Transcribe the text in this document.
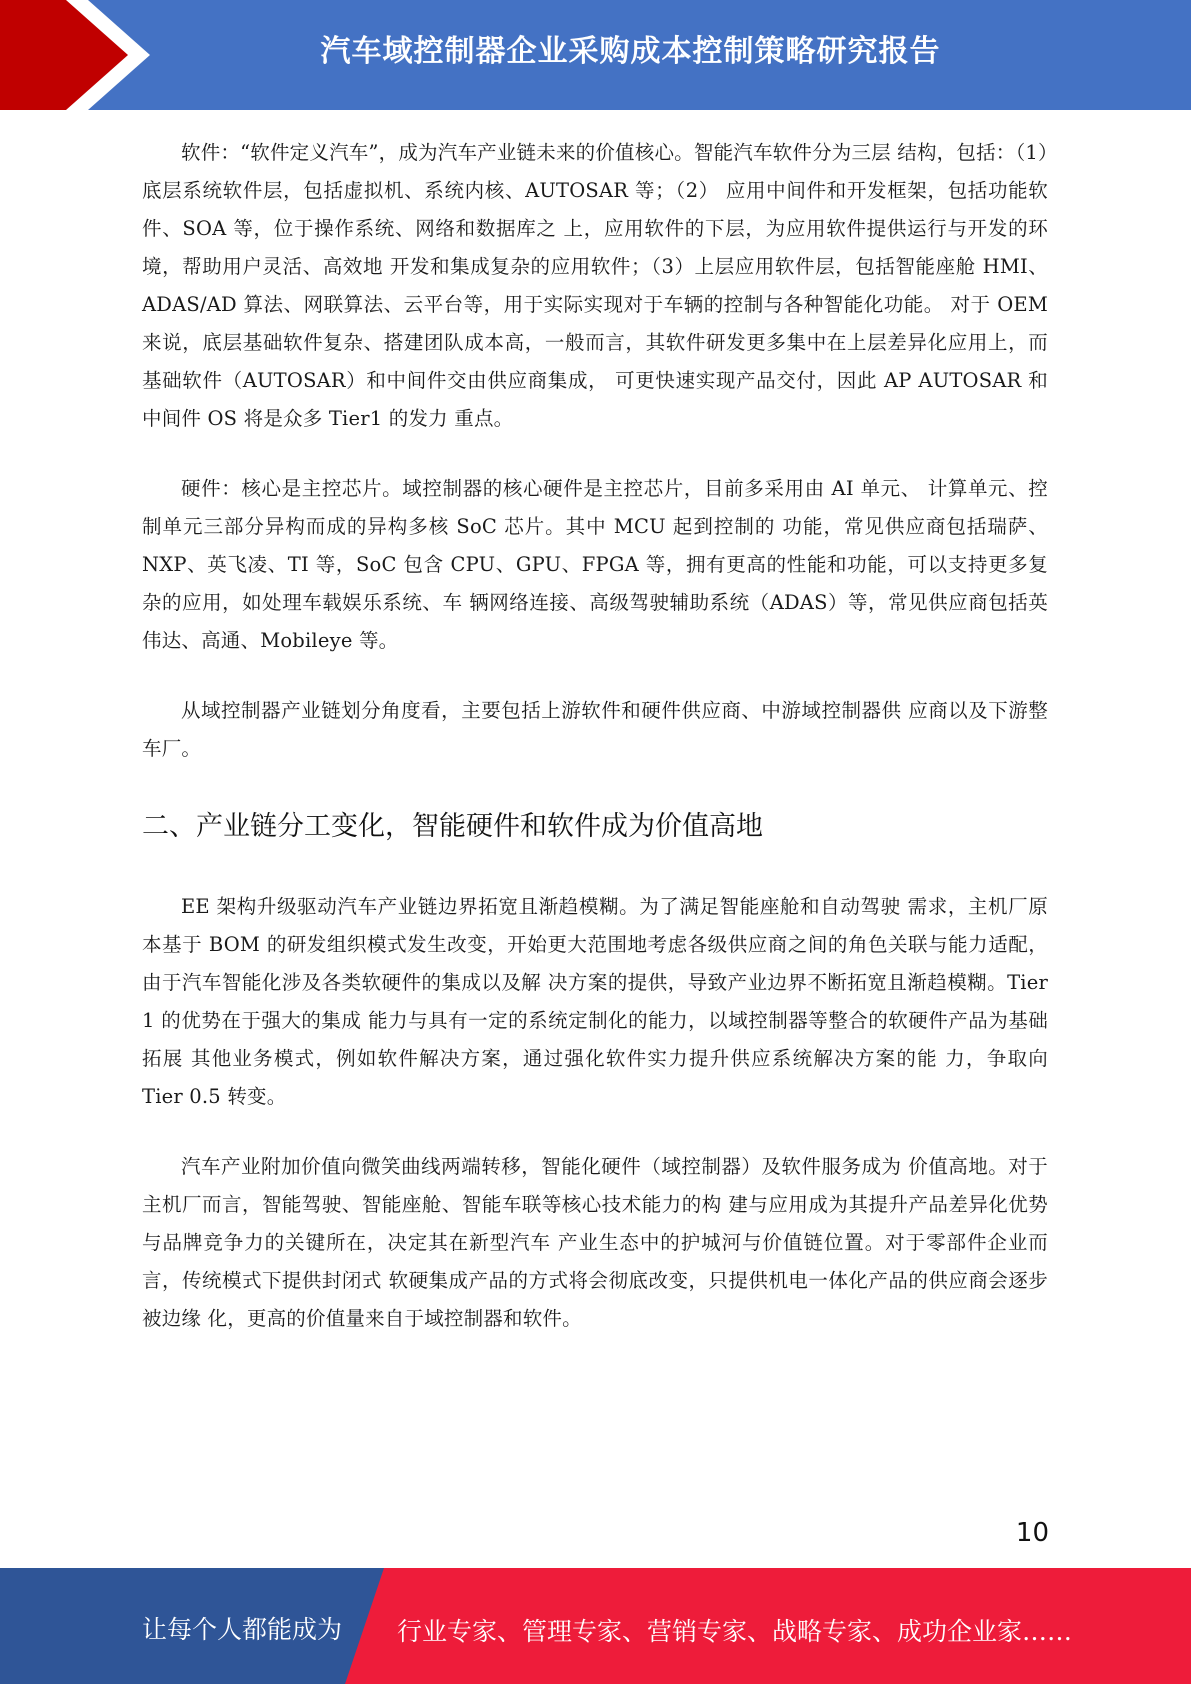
汽车域控制器企业采购成本控制策略研究报告

软件：“软件定义汽车”，成为汽车产业链未来的价值核心。智能汽车软件分为三层 结构，包括：（1）底层系统软件层，包括虚拟机、系统内核、AUTOSAR 等；（2） 应用中间件和开发框架，包括功能软件、SOA 等，位于操作系统、网络和数据库之 上，应用软件的下层，为应用软件提供运行与开发的环境，帮助用户灵活、高效地 开发和集成复杂的应用软件；（3）上层应用软件层，包括智能座舱 HMI、ADAS/AD 算法、网联算法、云平台等，用于实际实现对于车辆的控制与各种智能化功能。 对于 OEM 来说，底层基础软件复杂、搭建团队成本高，一般而言，其软件研发更多集中在上层差异化应用上，而基础软件（AUTOSAR）和中间件交由供应商集成， 可更快速实现产品交付，因此 AP AUTOSAR 和中间件 OS 将是众多 Tier1 的发力 重点。

硬件：核心是主控芯片。域控制器的核心硬件是主控芯片，目前多采用由 AI 单元、 计算单元、控制单元三部分异构而成的异构多核 SoC 芯片。其中 MCU 起到控制的 功能，常见供应商包括瑞萨、NXP、英飞凌、TI 等，SoC 包含 CPU、GPU、FPGA 等，拥有更高的性能和功能，可以支持更多复杂的应用，如处理车载娱乐系统、车 辆网络连接、高级驾驶辅助系统（ADAS）等，常见供应商包括英伟达、高通、Mobileye 等。

从域控制器产业链划分角度看，主要包括上游软件和硬件供应商、中游域控制器供 应商以及下游整车厂。

二、产业链分工变化，智能硬件和软件成为价值高地

EE 架构升级驱动汽车产业链边界拓宽且渐趋模糊。为了满足智能座舱和自动驾驶 需求，主机厂原本基于 BOM 的研发组织模式发生改变，开始更大范围地考虑各级供应商之间的角色关联与能力适配，由于汽车智能化涉及各类软硬件的集成以及解 决方案的提供，导致产业边界不断拓宽且渐趋模糊。Tier 1 的优势在于强大的集成 能力与具有一定的系统定制化的能力，以域控制器等整合的软硬件产品为基础拓展 其他业务模式，例如软件解决方案，通过强化软件实力提升供应系统解决方案的能 力，争取向 Tier 0.5 转变。

汽车产业附加价值向微笑曲线两端转移，智能化硬件（域控制器）及软件服务成为 价值高地。对于主机厂而言，智能驾驶、智能座舱、智能车联等核心技术能力的构 建与应用成为其提升产品差异化优势与品牌竞争力的关键所在，决定其在新型汽车 产业生态中的护城河与价值链位置。对于零部件企业而言，传统模式下提供封闭式 软硬集成产品的方式将会彻底改变，只提供机电一体化产品的供应商会逐步被边缘 化，更高的价值量来自于域控制器和软件。

10
让每个人都能成为 行业专家、管理专家、营销专家、战略专家、成功企业家……
